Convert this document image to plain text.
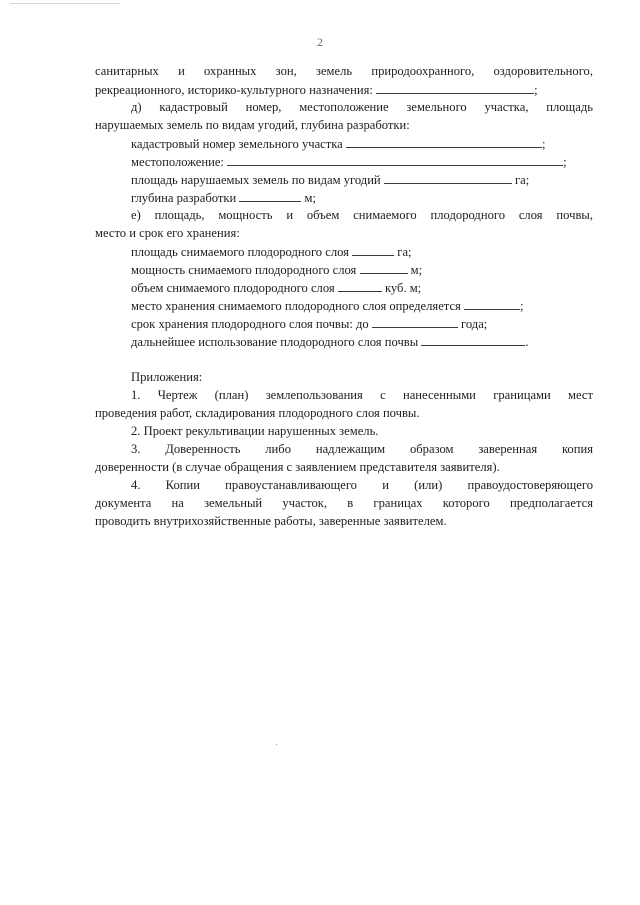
2
санитарных и охранных зон, земель природоохранного, оздоровительного,
рекреационного, историко-культурного назначения:	;
д) кадастровый номер, местоположение земельного участка, площадь
нарушаемых земель по видам угодий, глубина разработки:
кадастровый номер земельного участка	;
местоположение:	;
площадь нарушаемых земель по видам угодий	га;
глубина разработки	м;
е) площадь, мощность и объем снимаемого плодородного слоя почвы,
место и срок его хранения:
площадь снимаемого плодородного слоя	га;
мощность снимаемого плодородного слоя	м;
объем снимаемого плодородного слоя	куб. м;
место хранения снимаемого плодородного слоя определяется	;
срок хранения плодородного слоя почвы: до	года;
дальнейшее использование плодородного слоя почвы	.
Приложения:
1. Чертеж (план) землепользования с нанесенными границами мест
проведения работ, складирования плодородного слоя почвы.
2. Проект рекультивации нарушенных земель.
3. Доверенность либо надлежащим образом заверенная копия
доверенности (в случае обращения с заявлением представителя заявителя).
4. Копии правоустанавливающего и (или) правоудостоверяющего
документа на земельный участок, в границах которого предполагается
проводить внутрихозяйственные работы, заверенные заявителем.
